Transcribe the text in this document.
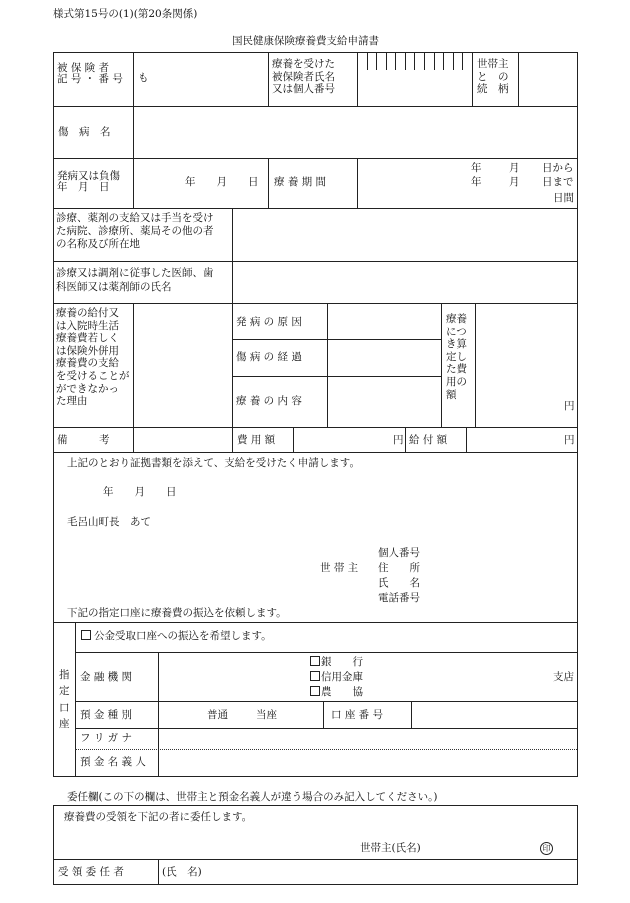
様式第15号の(1)(第20条関係)
国民健康保険療養費支給申請書
被 保 険 者
記 号 ・ 番 号 も
療養を受けた
被保険者氏名
又は個人番号
世帯主
と　の
続　柄
傷　病　名
発病又は負傷
年　月　日	年　　月　　日 療 養 期 間
年	月 日から
年	月 日まで
日間
診療、薬剤の支給又は手当を受け
た病院、診療所、薬局その他の者
の名称及び所在地
診療又は調剤に従事した医師、歯
科医師又は薬剤師の氏名
療養の給付又
は入院時生活
療養費若しく
は保険外併用
療養費の支給
を受けることが
ができなかっ
た理由
発 病 の 原 因
傷 病 の 経 過
療 養 の 内 容
療養
につ
き算
定し
た費
用の
額
円
備　　　考	費 用 額	円 給 付 額	円
上記のとおり証拠書類を添えて、支給を受けたく申請します。
年　　月　　日
毛呂山町長　あて
個人番号
世 帯 主 住　　所
氏　　名
電話番号
下記の指定口座に療養費の振込を依頼します。
公金受取口座への振込を希望します。
指
定
口
座
金 融 機 関
銀　　行
信用金庫
農　　協
支店
預 金 種 別	普通	当座	口 座 番 号
フ リ ガ ナ
預 金 名 義 人
委任欄(この下の欄は、世帯主と預金名義人が違う場合のみ記入してください。)
療養費の受領を下記の者に委任します。
世帯主(氏名)	印
受 領 委 任 者	(氏　名)
